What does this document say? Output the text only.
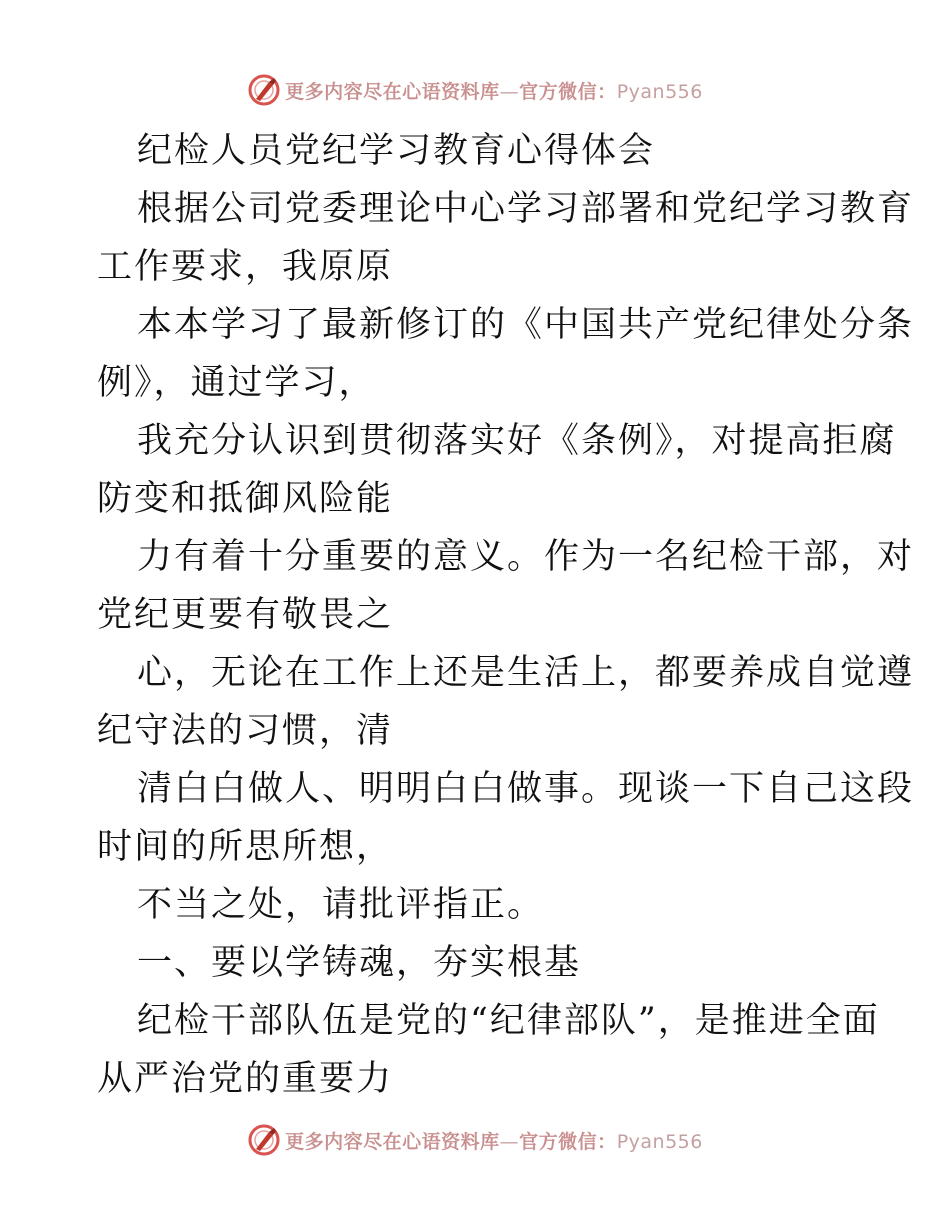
更多内容尽在心语资料库—官方微信：Pyan556
纪检人员党纪学习教育心得体会
根据公司党委理论中心学习部署和党纪学习教育
工作要求，我原原
本本学习了最新修订的《中国共产党纪律处分条
例》，通过学习，
我充分认识到贯彻落实好《条例》，对提高拒腐
防变和抵御风险能
力有着十分重要的意义。作为一名纪检干部，对
党纪更要有敬畏之
心，无论在工作上还是生活上，都要养成自觉遵
纪守法的习惯，清
清白白做人、明明白白做事。现谈一下自己这段
时间的所思所想，
不当之处，请批评指正。
一、要以学铸魂，夯实根基
纪检干部队伍是党的“纪律部队”，是推进全面
从严治党的重要力
更多内容尽在心语资料库—官方微信：Pyan556
